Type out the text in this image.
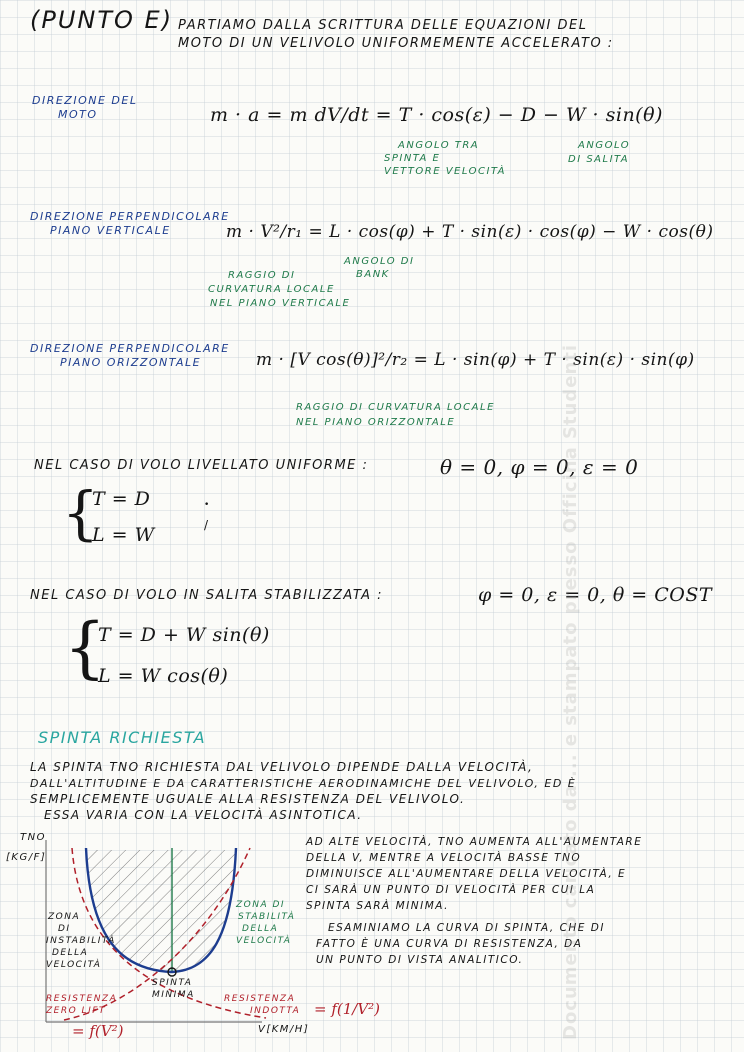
(PUNTO E) PARTIAMO DALLA SCRITTURA DELLE EQUAZIONI DEL
MOTO DI UN VELIVOLO UNIFORMEMENTE ACCELERATO :
DIREZIONE DEL
MOTO	m · a = m dV/dt = T · cos(ε) − D − W · sin(θ)
ANGOLO TRA
SPINTA E
VETTORE VELOCITÀ
ANGOLO
DI SALITA
DIREZIONE PERPENDICOLARE
PIANO VERTICALE	m · V²/r₁ = L · cos(φ) + T · sin(ε) · cos(φ) − W · cos(θ)
RAGGIO DI
CURVATURA LOCALE
NEL PIANO VERTICALE
ANGOLO DI
BANK
DIREZIONE PERPENDICOLARE
PIANO ORIZZONTALE	m · [V cos(θ)]²/r₂ = L · sin(φ) + T · sin(ε) · sin(φ)
RAGGIO DI CURVATURA LOCALE
NEL PIANO ORIZZONTALE
NEL CASO DI VOLO LIVELLATO UNIFORME :	θ = 0, φ = 0, ε = 0
{
T = D
L = W
•
/
NEL CASO DI VOLO IN SALITA STABILIZZATA :	φ = 0, ε = 0, θ = COST
{
T = D + W sin(θ)
L = W cos(θ)
SPINTA RICHIESTA
LA SPINTA TNO RICHIESTA DAL VELIVOLO DIPENDE DALLA VELOCITÀ,
DALL'ALTITUDINE E DA CARATTERISTICHE AERODINAMICHE DEL VELIVOLO, ED È
SEMPLICEMENTE UGUALE ALLA RESISTENZA DEL VELIVOLO.
ESSA VARIA CON LA VELOCITÀ ASINTOTICA.
TNO
[KG/F]
V[KM/H]
ZONA
DI
INSTABILITÀ
DELLA
VELOCITÀ
ZONA DI
STABILITÀ
DELLA
VELOCITÀ
SPINTA
MINIMA
RESISTENZA
ZERO LIFT
= f(V²)
RESISTENZA
INDOTTA = f(1/V²)
AD ALTE VELOCITÀ, TNO AUMENTA ALL'AUMENTARE
DELLA V, MENTRE A VELOCITÀ BASSE TNO
DIMINUISCE ALL'AUMENTARE DELLA VELOCITÀ, E
CI SARÀ UN PUNTO DI VELOCITÀ PER CUI LA
SPINTA SARÀ MINIMA.
ESAMINIAMO LA CURVA DI SPINTA, CHE DI
FATTO È UNA CURVA DI RESISTENZA, DA
UN PUNTO DI VISTA ANALITICO. Documento caricato da ... e stampato presso Officina Studenti
